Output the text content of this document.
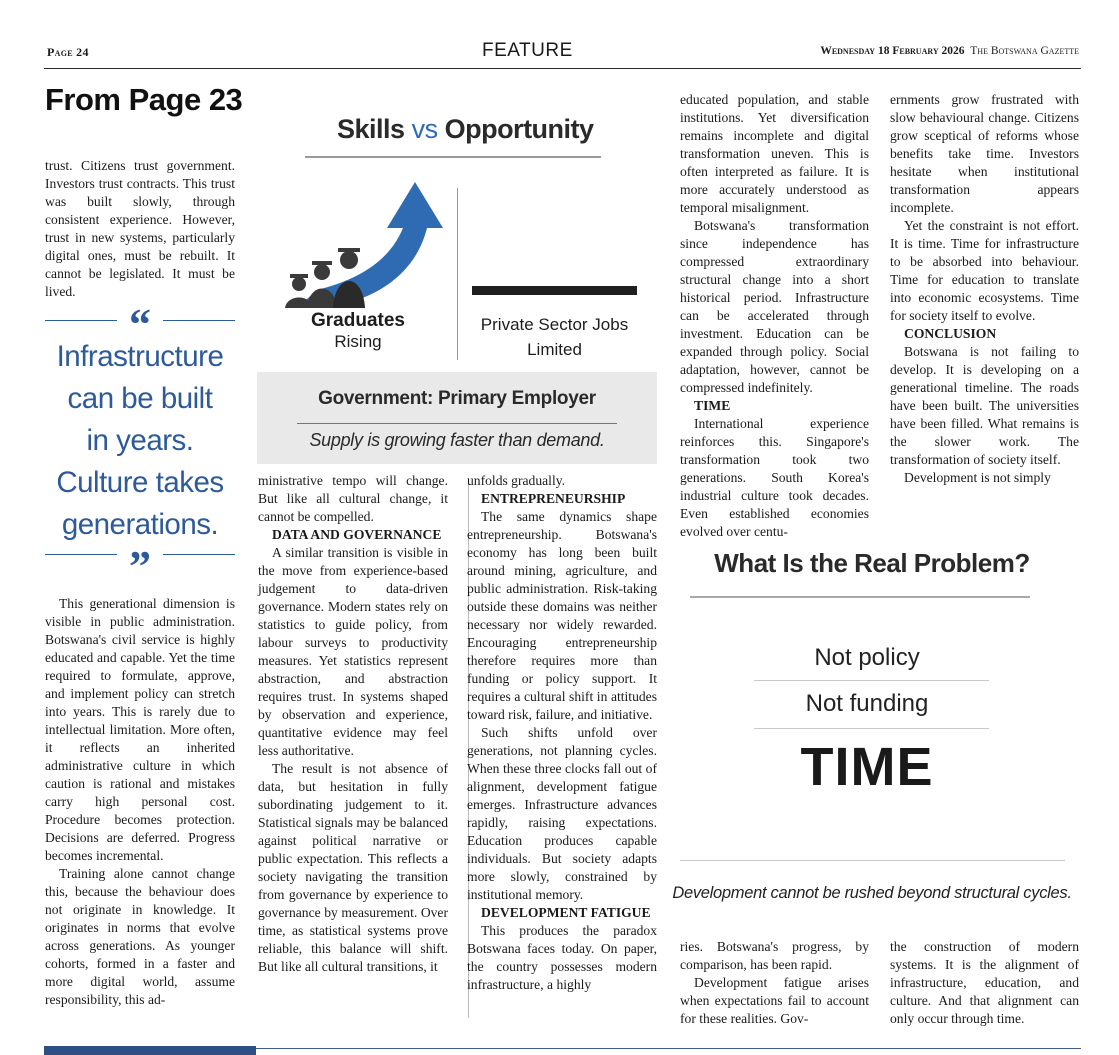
Page 24	FEATURE	Wednesday 18 February 2026 The Botswana Gazette
From Page 23

trust. Citizens trust government. Investors trust contracts. This trust was built slowly, through consistent experience. However, trust in new systems, particularly digital ones, must be rebuilt. It cannot be legislated. It must be lived.

“
Infrastructure
can be built
in years.
Culture takes
generations.
”

This generational dimension is visible in public administration. Botswana's civil service is highly educated and capable. Yet the time required to formulate, approve, and implement policy can stretch into years. This is rarely due to intellectual limitation. More often, it reflects an inherited administrative culture in which caution is rational and mistakes carry high personal cost. Procedure becomes protection. Decisions are deferred. Progress becomes incremental.

Training alone cannot change this, because the behaviour does not originate in knowledge. It originates in norms that evolve across generations. As younger cohorts, formed in a faster and more digital world, assume responsibility, this ad-

Skills vs Opportunity
Graduates
Rising
Private Sector Jobs
Limited
Government: Primary Employer
Supply is growing faster than demand.

ministrative tempo will change. But like all cultural change, it cannot be compelled.

DATA AND GOVERNANCE

A similar transition is visible in the move from experience-based judgement to data-driven governance. Modern states rely on statistics to guide policy, from labour surveys to productivity measures. Yet statistics represent abstraction, and abstraction requires trust. In systems shaped by observation and experience, quantitative evidence may feel less authoritative.

The result is not absence of data, but hesitation in fully subordinating judgement to it. Statistical signals may be balanced against political narrative or public expectation. This reflects a society navigating the transition from governance by experience to governance by measurement. Over time, as statistical systems prove reliable, this balance will shift. But like all cultural transitions, it

unfolds gradually.

ENTREPRENEURSHIP

The same dynamics shape entrepreneurship. Botswana's economy has long been built around mining, agriculture, and public administration. Risk-taking outside these domains was neither necessary nor widely rewarded. Encouraging entrepreneurship therefore requires more than funding or policy support. It requires a cultural shift in attitudes toward risk, failure, and initiative.

Such shifts unfold over generations, not planning cycles. When these three clocks fall out of alignment, development fatigue emerges. Infrastructure advances rapidly, raising expectations. Education produces capable individuals. But society adapts more slowly, constrained by institutional memory.

DEVELOPMENT FATIGUE

This produces the paradox Botswana faces today. On paper, the country possesses modern infrastructure, a highly

educated population, and stable institutions. Yet diversification remains incomplete and digital transformation uneven. This is often interpreted as failure. It is more accurately understood as temporal misalignment.

Botswana's transformation since independence has compressed extraordinary structural change into a short historical period. Infrastructure can be accelerated through investment. Education can be expanded through policy. Social adaptation, however, cannot be compressed indefinitely.

TIME

International experience reinforces this. Singapore's transformation took two generations. South Korea's industrial culture took decades. Even established economies evolved over centu-

ernments grow frustrated with slow behavioural change. Citizens grow sceptical of reforms whose benefits take time. Investors hesitate when institutional transformation appears incomplete.

Yet the constraint is not effort. It is time. Time for infrastructure to be absorbed into behaviour. Time for education to translate into economic ecosystems. Time for society itself to evolve.

CONCLUSION

Botswana is not failing to develop. It is developing on a generational timeline. The roads have been built. The universities have been filled. What remains is the slower work. The transformation of society itself.

Development is not simply

What Is the Real Problem?
Not policy
Not funding
TIME
Development cannot be rushed beyond structural cycles.

ries. Botswana's progress, by comparison, has been rapid.

Development fatigue arises when expectations fail to account for these realities. Gov-

the construction of modern systems. It is the alignment of infrastructure, education, and culture. And that alignment can only occur through time.
